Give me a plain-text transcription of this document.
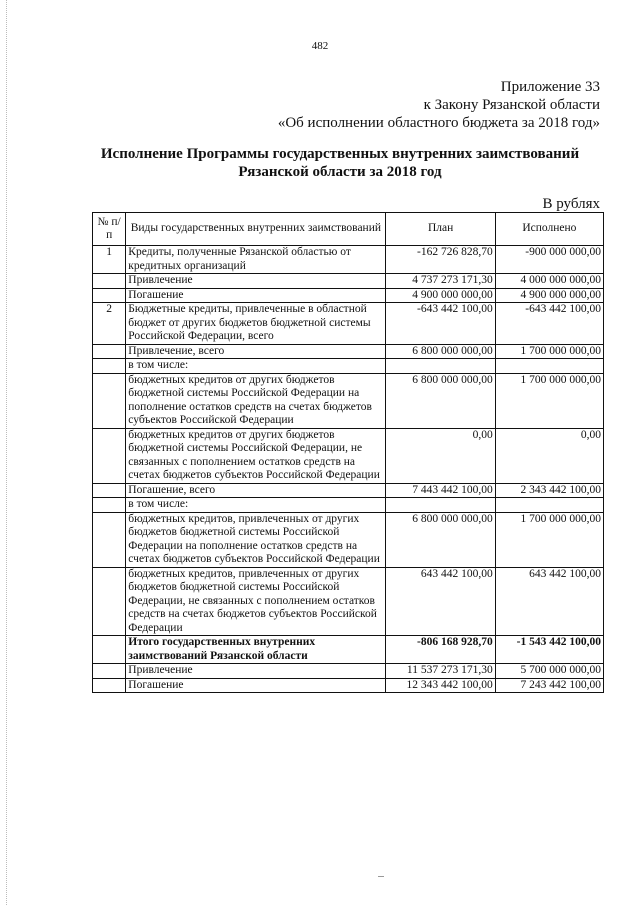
482
Приложение 33
к Закону Рязанской области
«Об исполнении областного бюджета за 2018 год»
Исполнение Программы государственных внутренних заимствований
Рязанской области за 2018 год
В рублях
№ п/п	Виды государственных внутренних заимствований	План	Исполнено
1	Кредиты, полученные Рязанской областью от кредитных организаций	-162 726 828,70	-900 000 000,00
	Привлечение	4 737 273 171,30	4 000 000 000,00
	Погашение	4 900 000 000,00	4 900 000 000,00
2	Бюджетные кредиты, привлеченные в областной бюджет от других бюджетов бюджетной системы Российской Федерации, всего	-643 442 100,00	-643 442 100,00
	Привлечение, всего	6 800 000 000,00	1 700 000 000,00
	в том числе:		
	бюджетных кредитов от других бюджетов бюджетной системы Российской Федерации на пополнение остатков средств на счетах бюджетов субъектов Российской Федерации	6 800 000 000,00	1 700 000 000,00
	бюджетных кредитов от других бюджетов бюджетной системы Российской Федерации, не связанных с пополнением остатков средств на счетах бюджетов субъектов Российской Федерации	0,00	0,00
	Погашение, всего	7 443 442 100,00	2 343 442 100,00
	в том числе:		
	бюджетных кредитов, привлеченных от других бюджетов бюджетной системы Российской Федерации на пополнение остатков средств на счетах бюджетов субъектов Российской Федерации	6 800 000 000,00	1 700 000 000,00
	бюджетных кредитов, привлеченных от других бюджетов бюджетной системы Российской Федерации, не связанных с пополнением остатков средств на счетах бюджетов субъектов Российской Федерации	643 442 100,00	643 442 100,00
	Итого государственных внутренних заимствований Рязанской области	-806 168 928,70	-1 543 442 100,00
	Привлечение	11 537 273 171,30	5 700 000 000,00
	Погашение	12 343 442 100,00	7 243 442 100,00
